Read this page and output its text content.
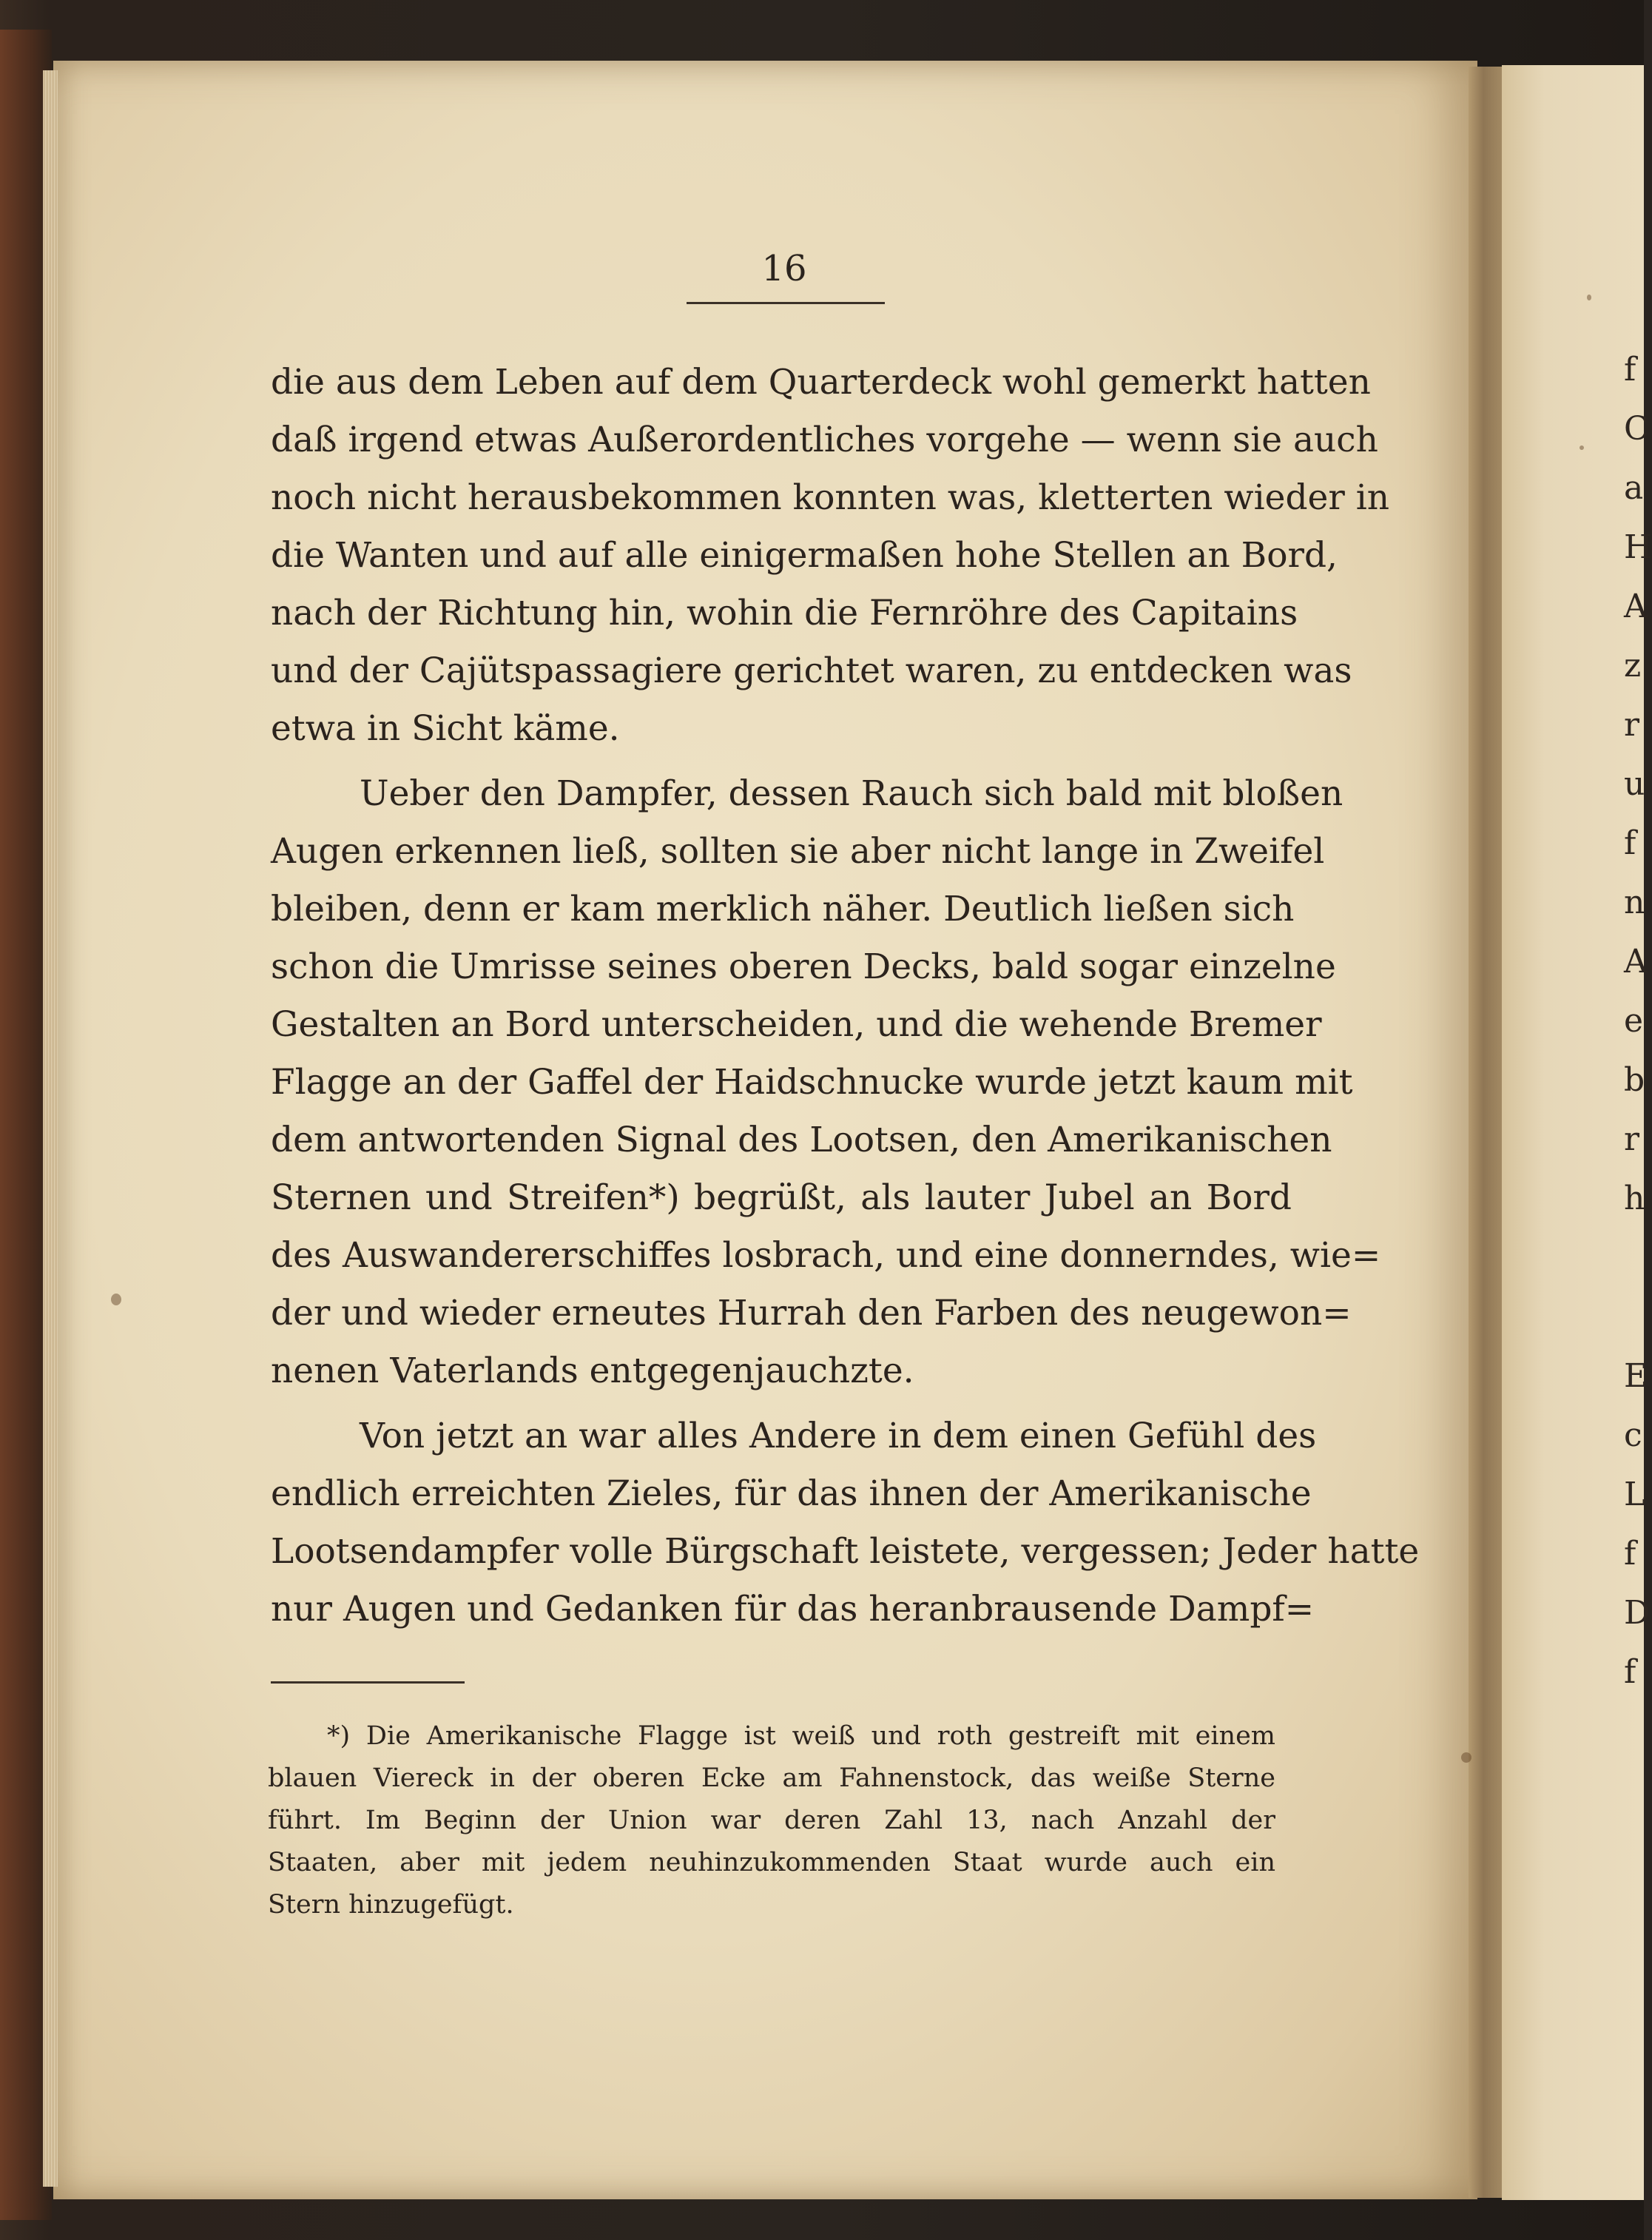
f
C
a
H
A
z
r
u
f
n
A
e
b
r
h
E
c
L
f
D
f
16
die aus dem Leben auf dem Quarterdeck wohl gemerkt hatten
daß irgend etwas Außerordentliches vorgehe — wenn sie auch
noch nicht herausbekommen konnten was, kletterten wieder in
die Wanten und auf alle einigermaßen hohe Stellen an Bord,
nach der Richtung hin, wohin die Fernröhre des Capitains
und der Cajütspassagiere gerichtet waren, zu entdecken was
etwa in Sicht käme.
Ueber den Dampfer, dessen Rauch sich bald mit bloßen
Augen erkennen ließ, sollten sie aber nicht lange in Zweifel
bleiben, denn er kam merklich näher. Deutlich ließen sich
schon die Umrisse seines oberen Decks, bald sogar einzelne
Gestalten an Bord unterscheiden, und die wehende Bremer
Flagge an der Gaffel der Haidschnucke wurde jetzt kaum mit
dem antwortenden Signal des Lootsen, den Amerikanischen
Sternen und Streifen*) begrüßt, als lauter Jubel an Bord
des Auswandererschiffes losbrach, und eine donnerndes, wie=
der und wieder erneutes Hurrah den Farben des neugewon=
nenen Vaterlands entgegenjauchzte.
Von jetzt an war alles Andere in dem einen Gefühl des
endlich erreichten Zieles, für das ihnen der Amerikanische
Lootsendampfer volle Bürgschaft leistete, vergessen; Jeder hatte
nur Augen und Gedanken für das heranbrausende Dampf=
*) Die Amerikanische Flagge ist weiß und roth gestreift mit einem
blauen Viereck in der oberen Ecke am Fahnenstock, das weiße Sterne
führt. Im Beginn der Union war deren Zahl 13, nach Anzahl der
Staaten, aber mit jedem neuhinzukommenden Staat wurde auch ein
Stern hinzugefügt.
